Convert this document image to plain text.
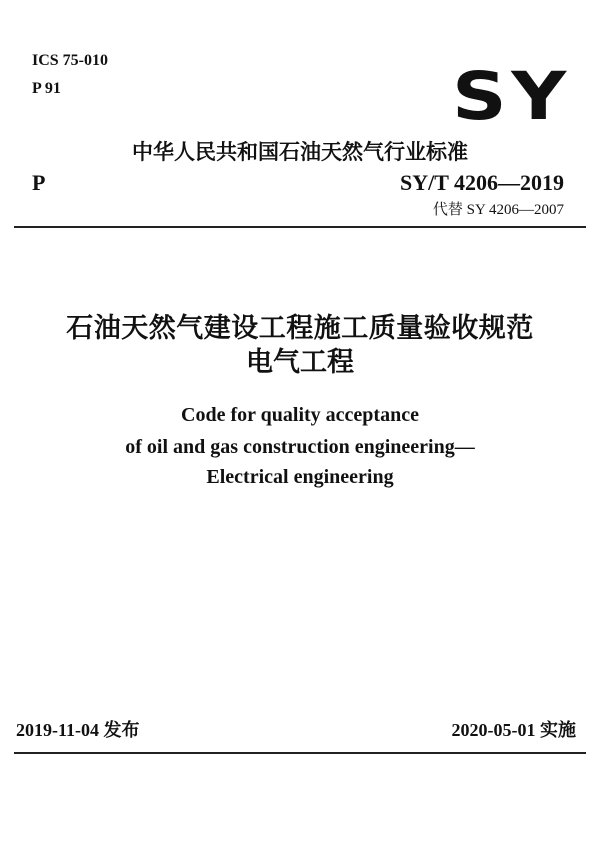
ICS 75-010
P 91	SY
中华人民共和国石油天然气行业标准
P	SY/T 4206—2019
代替 SY 4206—2007
石油天然气建设工程施工质量验收规范
电气工程
Code for quality acceptance
of oil and gas construction engineering—
Electrical engineering
2019-11-04 发布	2020-05-01 实施
